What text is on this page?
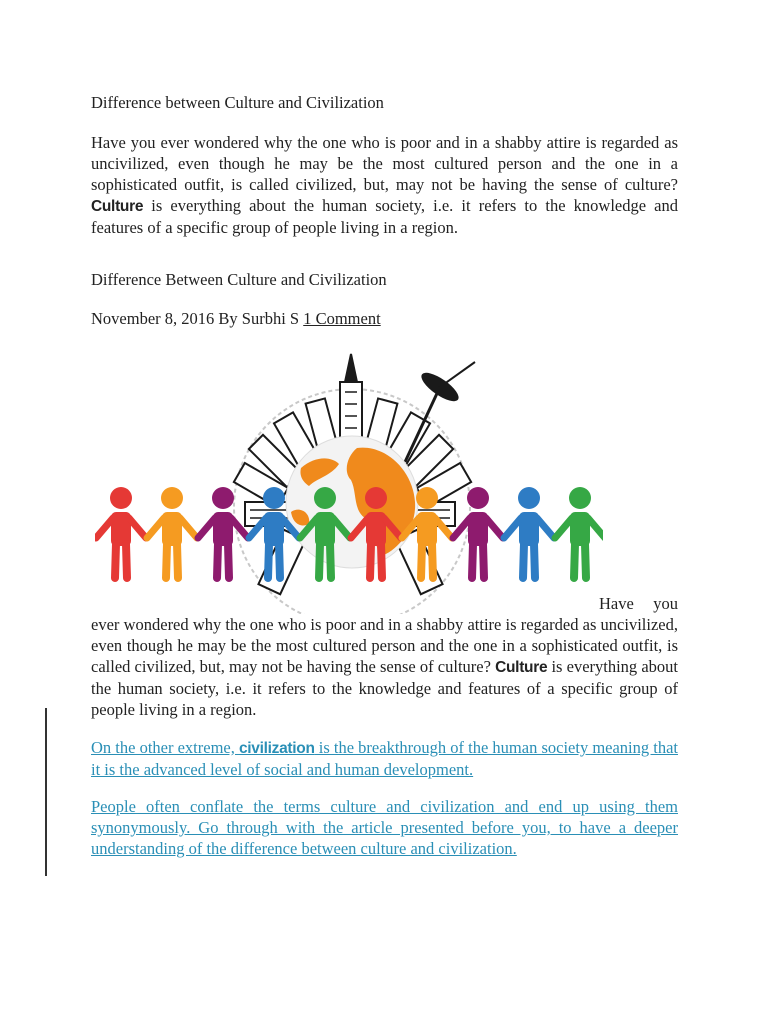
Difference between Culture and Civilization

Have you ever wondered why the one who is poor and in a shabby attire is regarded as uncivilized, even though he may be the most cultured person and the one in a sophisticated outfit, is called civilized, but, may not be having the sense of culture? Culture is everything about the human society, i.e. it refers to the knowledge and features of a specific group of people living in a region.

Difference Between Culture and Civilization

November 8, 2016 By Surbhi S 1 Comment

Have you ever wondered why the one who is poor and in a shabby attire is regarded as uncivilized, even though he may be the most cultured person and the one in a sophisticated outfit, is called civilized, but, may not be having the sense of culture? Culture is everything about the human society, i.e. it refers to the knowledge and features of a specific group of people living in a region.

On the other extreme, civilization is the breakthrough of the human society meaning that it is the advanced level of social and human development.

People often conflate the terms culture and civilization and end up using them synonymously. Go through with the article presented before you, to have a deeper understanding of the difference between culture and civilization.
